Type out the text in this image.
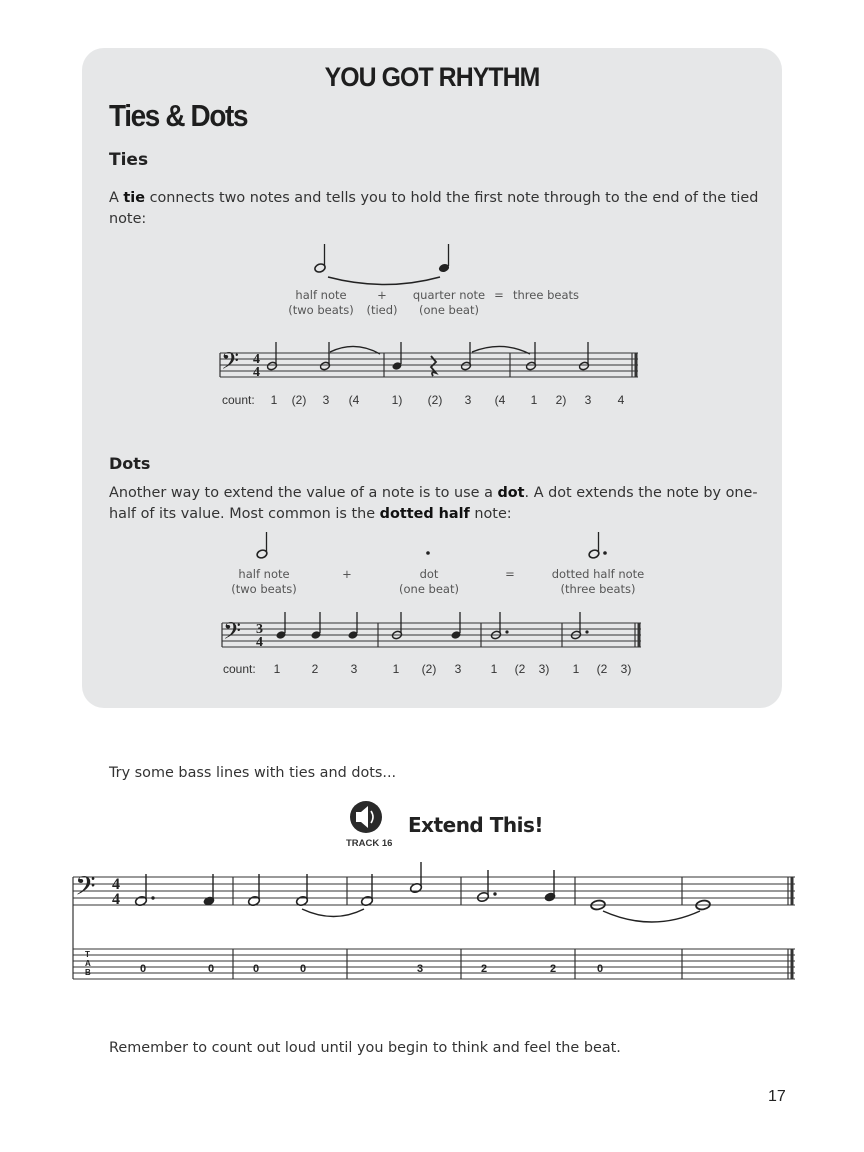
YOU GOT RHYTHM
Ties & Dots
Ties
A tie connects two notes and tells you to hold the first note through to the end of the tied note:
half note
(two beats)
+
(tied)
quarter note
(one beat)
= three beats
𝄢 4
4
count: 1 (2) 3 (4	1) (2) 3 (4 1 2) 3 4
Dots
Another way to extend the value of a note is to use a dot. A dot extends the note by one-half of its value. Most common is the dotted half note:
half note
(two beats)
+	dot
(one beat)
=	dotted half note
(three beats)
𝄢 3
4
count: 1	2	3	1 (2) 3 1 (2 3) 1 (2 3)
Try some bass lines with ties and dots...
TRACK 16
Extend This!
𝄢 4
4
T
A
B	0	0	0	0	3	2	2	0
Remember to count out loud until you begin to think and feel the beat.
17
